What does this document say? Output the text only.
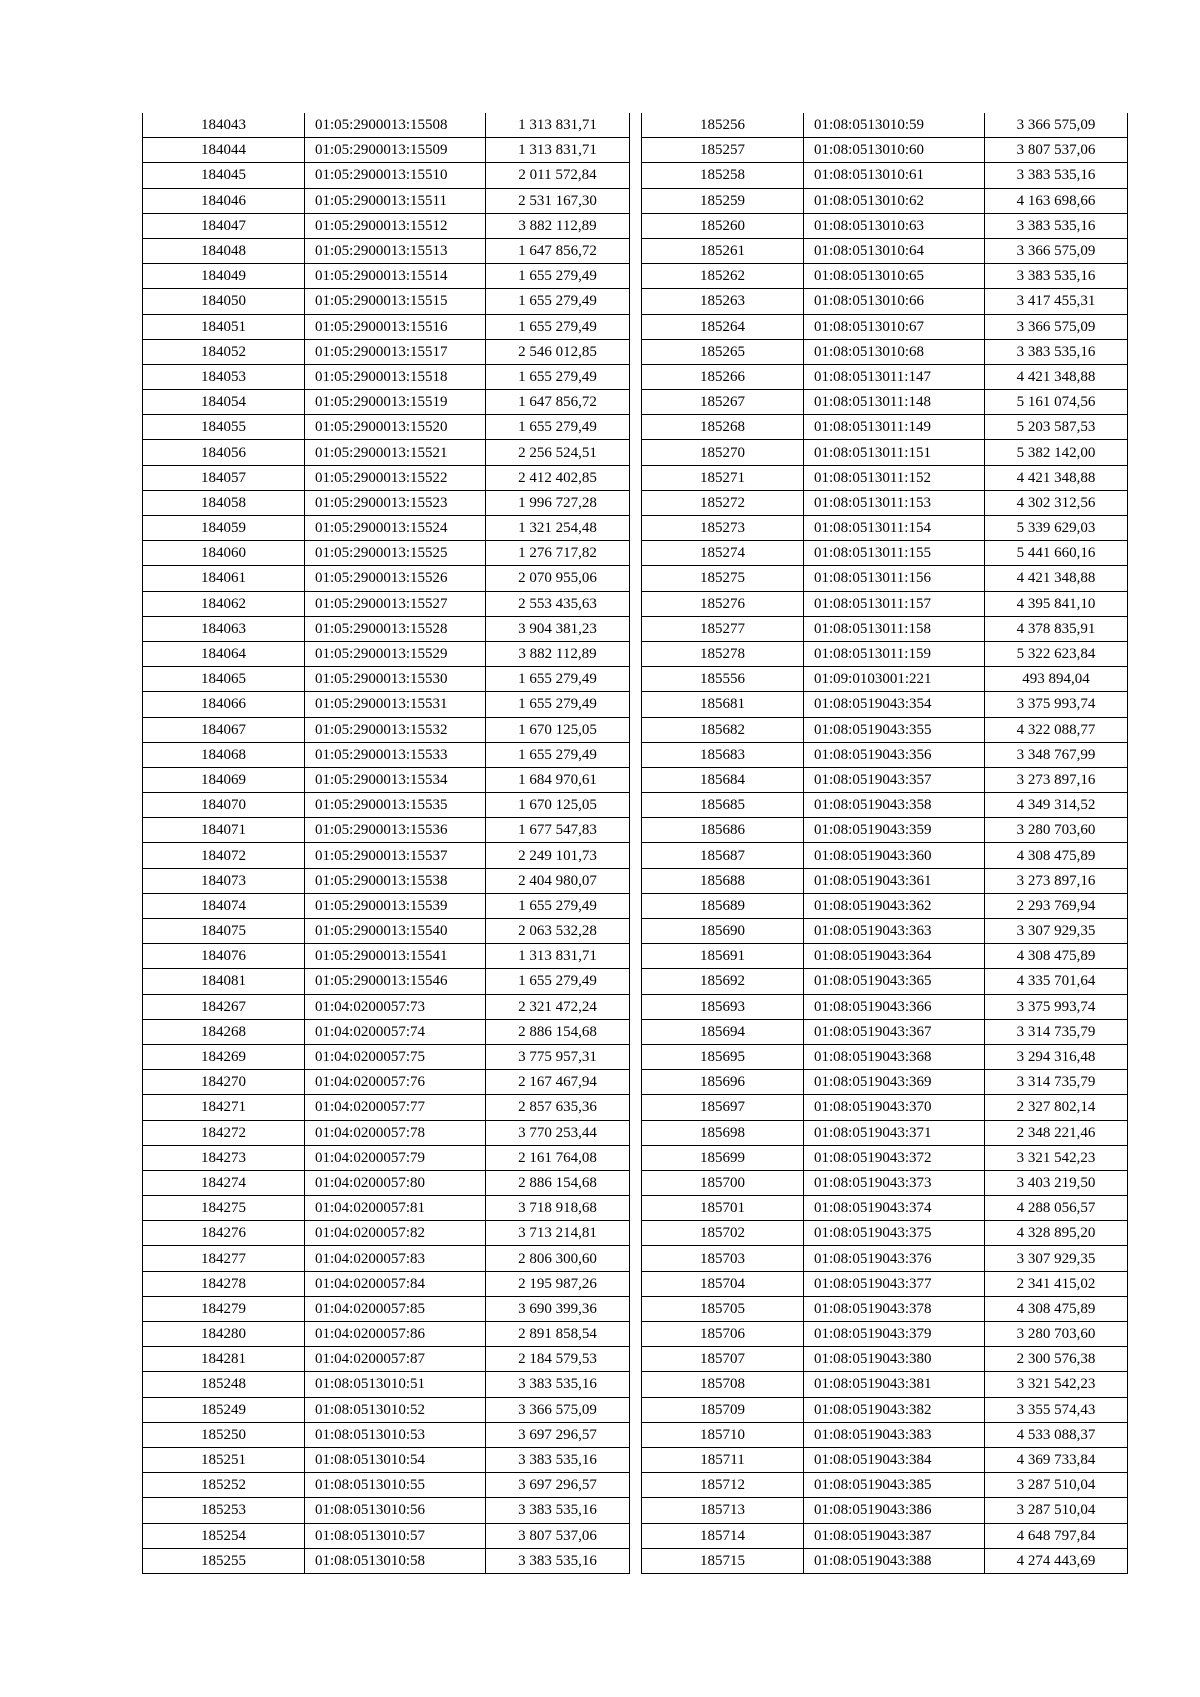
184043	01:05:2900013:15508	1 313 831,71
184044	01:05:2900013:15509	1 313 831,71
184045	01:05:2900013:15510	2 011 572,84
184046	01:05:2900013:15511	2 531 167,30
184047	01:05:2900013:15512	3 882 112,89
184048	01:05:2900013:15513	1 647 856,72
184049	01:05:2900013:15514	1 655 279,49
184050	01:05:2900013:15515	1 655 279,49
184051	01:05:2900013:15516	1 655 279,49
184052	01:05:2900013:15517	2 546 012,85
184053	01:05:2900013:15518	1 655 279,49
184054	01:05:2900013:15519	1 647 856,72
184055	01:05:2900013:15520	1 655 279,49
184056	01:05:2900013:15521	2 256 524,51
184057	01:05:2900013:15522	2 412 402,85
184058	01:05:2900013:15523	1 996 727,28
184059	01:05:2900013:15524	1 321 254,48
184060	01:05:2900013:15525	1 276 717,82
184061	01:05:2900013:15526	2 070 955,06
184062	01:05:2900013:15527	2 553 435,63
184063	01:05:2900013:15528	3 904 381,23
184064	01:05:2900013:15529	3 882 112,89
184065	01:05:2900013:15530	1 655 279,49
184066	01:05:2900013:15531	1 655 279,49
184067	01:05:2900013:15532	1 670 125,05
184068	01:05:2900013:15533	1 655 279,49
184069	01:05:2900013:15534	1 684 970,61
184070	01:05:2900013:15535	1 670 125,05
184071	01:05:2900013:15536	1 677 547,83
184072	01:05:2900013:15537	2 249 101,73
184073	01:05:2900013:15538	2 404 980,07
184074	01:05:2900013:15539	1 655 279,49
184075	01:05:2900013:15540	2 063 532,28
184076	01:05:2900013:15541	1 313 831,71
184081	01:05:2900013:15546	1 655 279,49
184267	01:04:0200057:73	2 321 472,24
184268	01:04:0200057:74	2 886 154,68
184269	01:04:0200057:75	3 775 957,31
184270	01:04:0200057:76	2 167 467,94
184271	01:04:0200057:77	2 857 635,36
184272	01:04:0200057:78	3 770 253,44
184273	01:04:0200057:79	2 161 764,08
184274	01:04:0200057:80	2 886 154,68
184275	01:04:0200057:81	3 718 918,68
184276	01:04:0200057:82	3 713 214,81
184277	01:04:0200057:83	2 806 300,60
184278	01:04:0200057:84	2 195 987,26
184279	01:04:0200057:85	3 690 399,36
184280	01:04:0200057:86	2 891 858,54
184281	01:04:0200057:87	2 184 579,53
185248	01:08:0513010:51	3 383 535,16
185249	01:08:0513010:52	3 366 575,09
185250	01:08:0513010:53	3 697 296,57
185251	01:08:0513010:54	3 383 535,16
185252	01:08:0513010:55	3 697 296,57
185253	01:08:0513010:56	3 383 535,16
185254	01:08:0513010:57	3 807 537,06
185255	01:08:0513010:58	3 383 535,16
185256	01:08:0513010:59	3 366 575,09
185257	01:08:0513010:60	3 807 537,06
185258	01:08:0513010:61	3 383 535,16
185259	01:08:0513010:62	4 163 698,66
185260	01:08:0513010:63	3 383 535,16
185261	01:08:0513010:64	3 366 575,09
185262	01:08:0513010:65	3 383 535,16
185263	01:08:0513010:66	3 417 455,31
185264	01:08:0513010:67	3 366 575,09
185265	01:08:0513010:68	3 383 535,16
185266	01:08:0513011:147	4 421 348,88
185267	01:08:0513011:148	5 161 074,56
185268	01:08:0513011:149	5 203 587,53
185270	01:08:0513011:151	5 382 142,00
185271	01:08:0513011:152	4 421 348,88
185272	01:08:0513011:153	4 302 312,56
185273	01:08:0513011:154	5 339 629,03
185274	01:08:0513011:155	5 441 660,16
185275	01:08:0513011:156	4 421 348,88
185276	01:08:0513011:157	4 395 841,10
185277	01:08:0513011:158	4 378 835,91
185278	01:08:0513011:159	5 322 623,84
185556	01:09:0103001:221	493 894,04
185681	01:08:0519043:354	3 375 993,74
185682	01:08:0519043:355	4 322 088,77
185683	01:08:0519043:356	3 348 767,99
185684	01:08:0519043:357	3 273 897,16
185685	01:08:0519043:358	4 349 314,52
185686	01:08:0519043:359	3 280 703,60
185687	01:08:0519043:360	4 308 475,89
185688	01:08:0519043:361	3 273 897,16
185689	01:08:0519043:362	2 293 769,94
185690	01:08:0519043:363	3 307 929,35
185691	01:08:0519043:364	4 308 475,89
185692	01:08:0519043:365	4 335 701,64
185693	01:08:0519043:366	3 375 993,74
185694	01:08:0519043:367	3 314 735,79
185695	01:08:0519043:368	3 294 316,48
185696	01:08:0519043:369	3 314 735,79
185697	01:08:0519043:370	2 327 802,14
185698	01:08:0519043:371	2 348 221,46
185699	01:08:0519043:372	3 321 542,23
185700	01:08:0519043:373	3 403 219,50
185701	01:08:0519043:374	4 288 056,57
185702	01:08:0519043:375	4 328 895,20
185703	01:08:0519043:376	3 307 929,35
185704	01:08:0519043:377	2 341 415,02
185705	01:08:0519043:378	4 308 475,89
185706	01:08:0519043:379	3 280 703,60
185707	01:08:0519043:380	2 300 576,38
185708	01:08:0519043:381	3 321 542,23
185709	01:08:0519043:382	3 355 574,43
185710	01:08:0519043:383	4 533 088,37
185711	01:08:0519043:384	4 369 733,84
185712	01:08:0519043:385	3 287 510,04
185713	01:08:0519043:386	3 287 510,04
185714	01:08:0519043:387	4 648 797,84
185715	01:08:0519043:388	4 274 443,69
